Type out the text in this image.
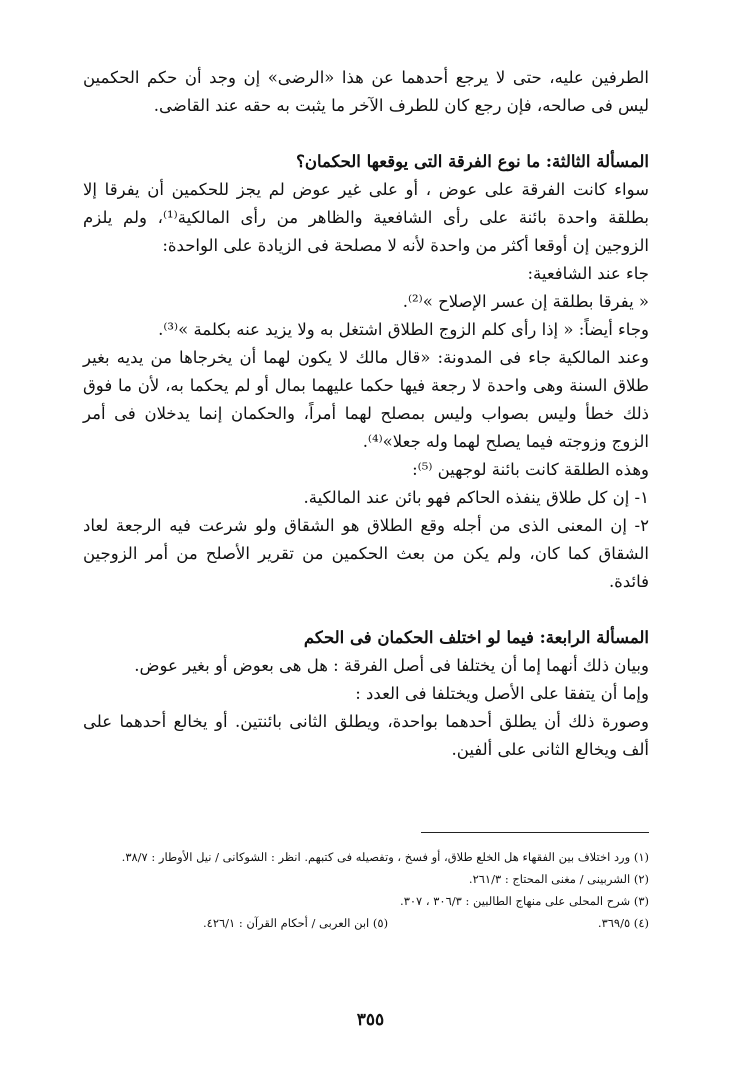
الطرفين عليه، حتى لا يرجع أحدهما عن هذا «الرضى» إن وجد أن حكم الحكمين ليس فى صالحه، فإن رجع كان للطرف الآخر ما يثبت به حقه عند القاضى.

المسألة الثالثة: ما نوع الفرقة التى يوقعها الحكمان؟

سواء كانت الفرقة على عوض ، أو على غير عوض لم يجز للحكمين أن يفرقا إلا بطلقة واحدة بائنة على رأى الشافعية والظاهر من رأى المالكية⁽¹⁾، ولم يلزم الزوجين إن أوقعا أكثر من واحدة لأنه لا مصلحة فى الزيادة على الواحدة:

جاء عند الشافعية:

« يفرقا بطلقة إن عسر الإصلاح »⁽²⁾.

وجاء أيضاً: « إذا رأى كلم الزوج الطلاق اشتغل به ولا يزيد عنه بكلمة »⁽³⁾.

وعند المالكية جاء فى المدونة: «قال مالك لا يكون لهما أن يخرجاها من يديه بغير طلاق السنة وهى واحدة لا رجعة فيها حكما عليهما بمال أو لم يحكما به، لأن ما فوق ذلك خطأ وليس بصواب وليس بمصلح لهما أمراً، والحكمان إنما يدخلان فى أمر الزوج وزوجته فيما يصلح لهما وله جعلا»⁽⁴⁾.

وهذه الطلقة كانت بائنة لوجهين ⁽⁵⁾:

١- إن كل طلاق ينفذه الحاكم فهو بائن عند المالكية.

٢- إن المعنى الذى من أجله وقع الطلاق هو الشقاق ولو شرعت فيه الرجعة لعاد الشقاق كما كان، ولم يكن من بعث الحكمين من تقرير الأصلح من أمر الزوجين فائدة.

المسألة الرابعة: فيما لو اختلف الحكمان فى الحكم

وبيان ذلك أنهما إما أن يختلفا فى أصل الفرقة : هل هى بعوض أو بغير عوض.

وإما أن يتفقا على الأصل ويختلفا فى العدد :

وصورة ذلك أن يطلق أحدهما بواحدة، ويطلق الثانى بائنتين. أو يخالع أحدهما على ألف ويخالع الثانى على ألفين.

(١) ورد اختلاف بين الفقهاء هل الخلع طلاق، أو فسخ ، وتفصيله فى كتبهم. انظر : الشوكانى / نيل الأوطار : ٣٨/٧.
(٢) الشربينى / مغنى المحتاج : ٢٦١/٣.
(٣) شرح المحلى على منهاج الطالبين : ٣٠٦/٣ ، ٣٠٧.
(٤) ٣٦٩/٥.
(٥) ابن العربى / أحكام القرآن : ٤٢٦/١.
٣٥٥
